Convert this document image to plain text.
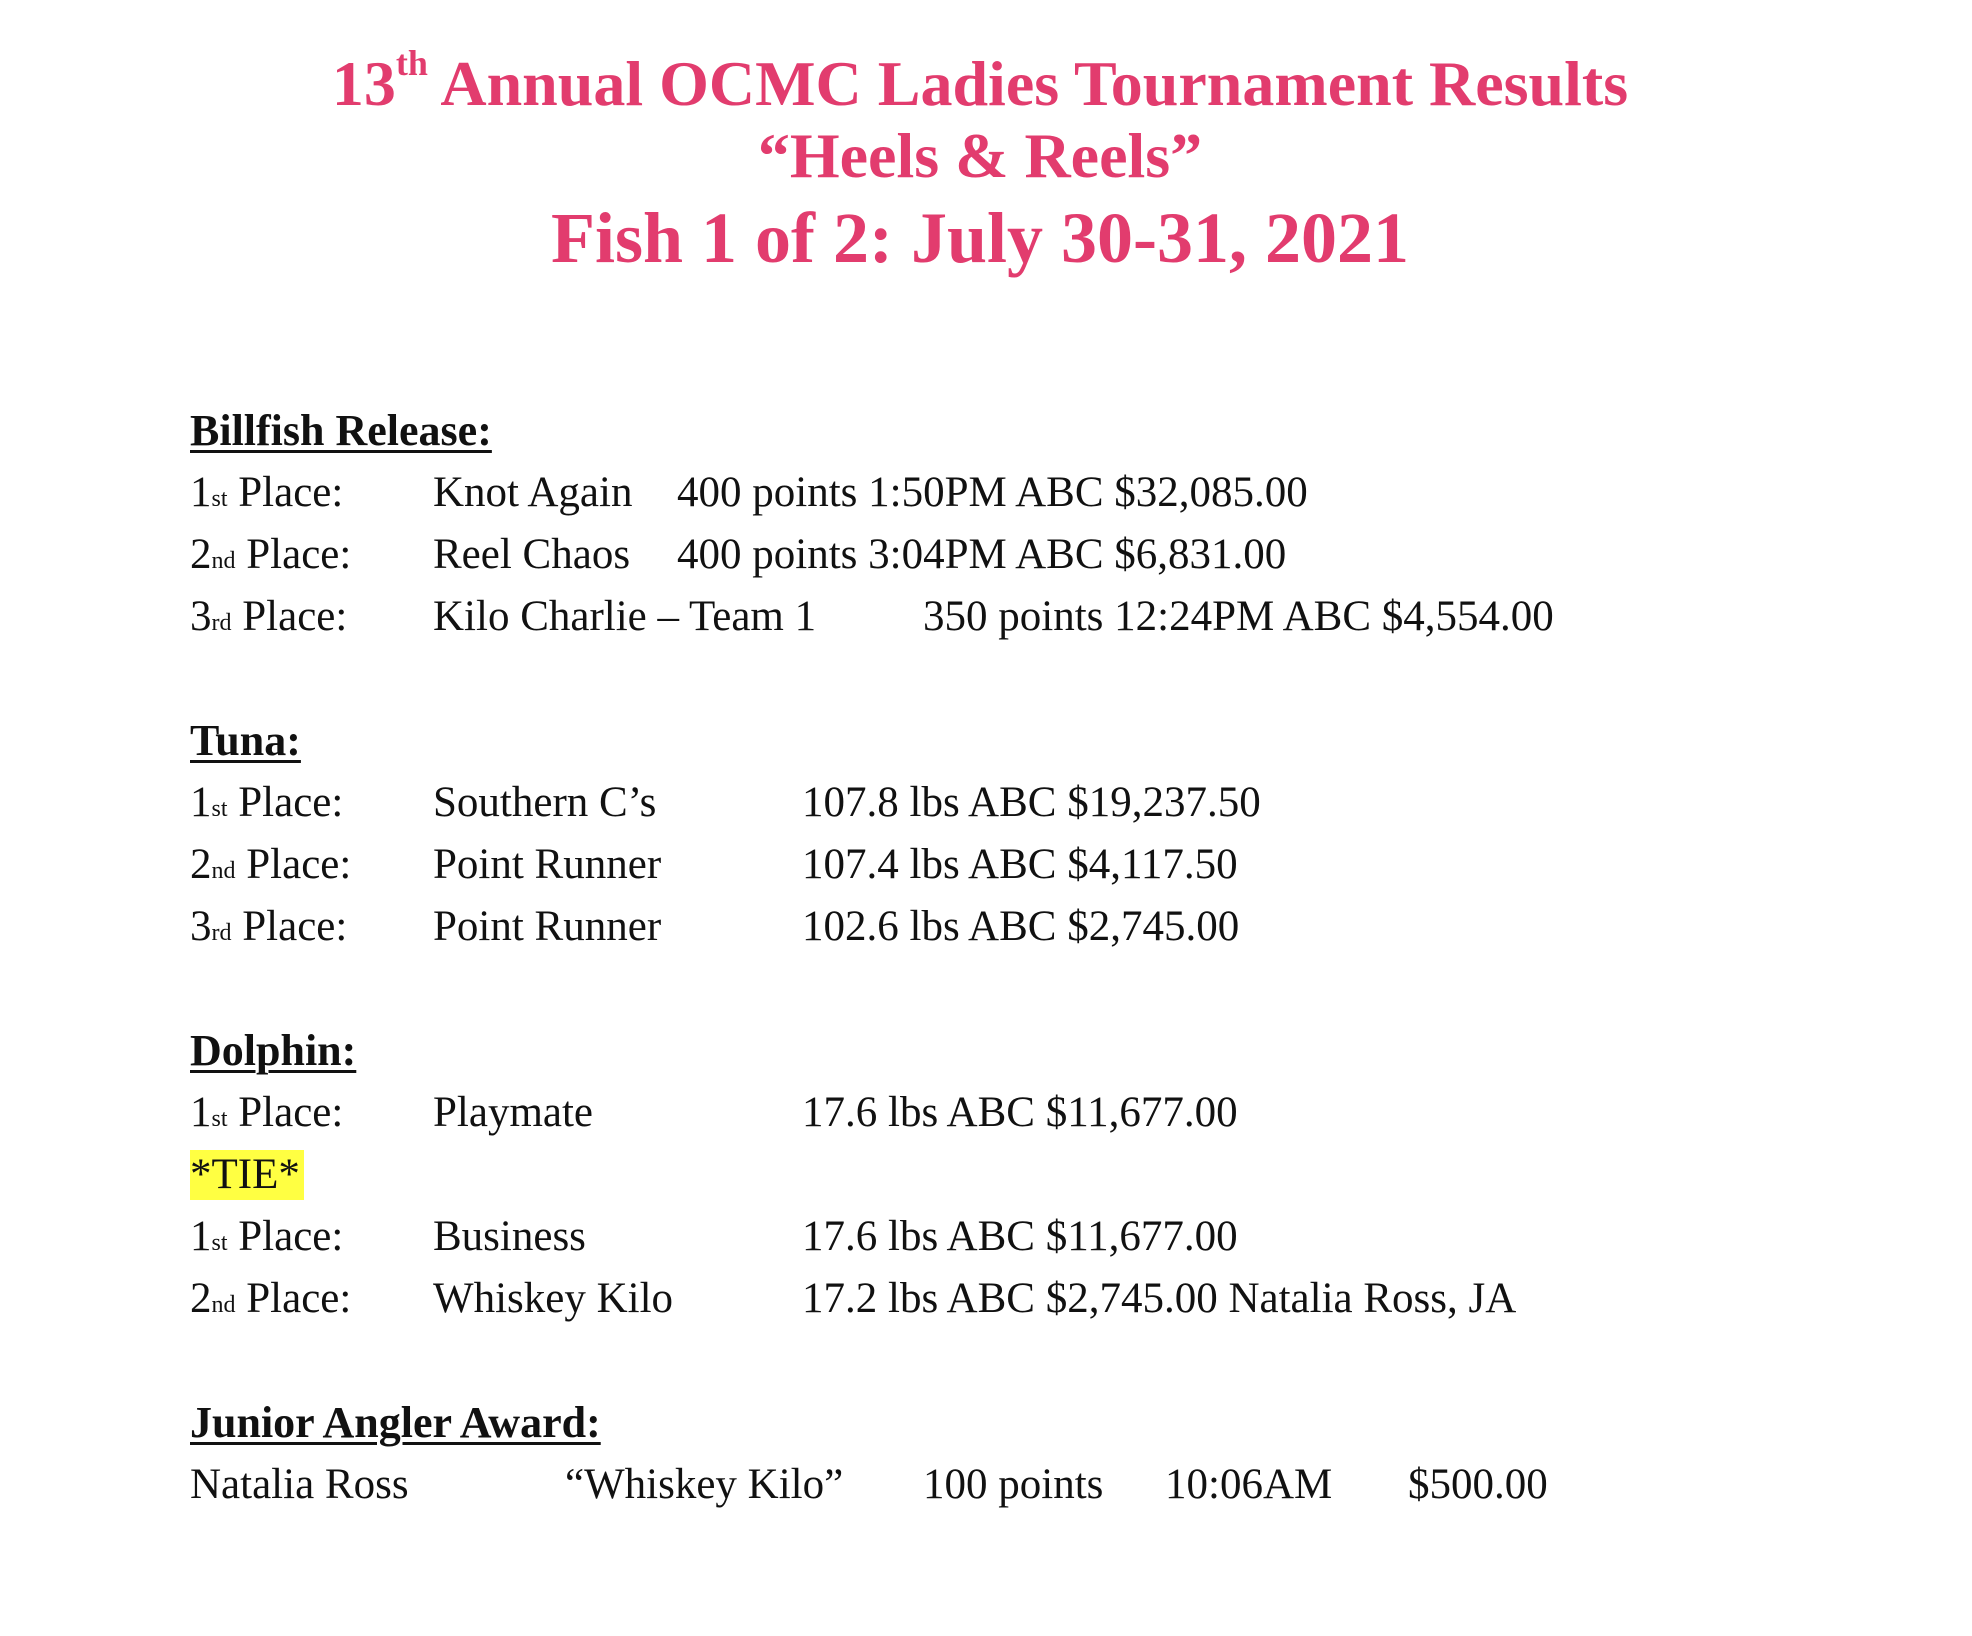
13th Annual OCMC Ladies Tournament Results
“Heels & Reels”
Fish 1 of 2: July 30-31, 2021
Billfish Release:
1st Place: Knot Again 400 points 1:50PM ABC $32,085.00
2nd Place: Reel Chaos 400 points 3:04PM ABC $6,831.00
3rd Place: Kilo Charlie – Team 1 350 points 12:24PM ABC $4,554.00
Tuna:
1st Place: Southern C’s	107.8 lbs ABC $19,237.50
2nd Place: Point Runner	107.4 lbs ABC $4,117.50
3rd Place: Point Runner	102.6 lbs ABC $2,745.00
Dolphin:
1st Place: Playmate	17.6 lbs ABC $11,677.00
*TIE*
1st Place: Business	17.6 lbs ABC $11,677.00
2nd Place: Whiskey Kilo	17.2 lbs ABC $2,745.00 Natalia Ross, JA
Junior Angler Award:
Natalia Ross	“Whiskey Kilo” 100 points 10:06AM $500.00
